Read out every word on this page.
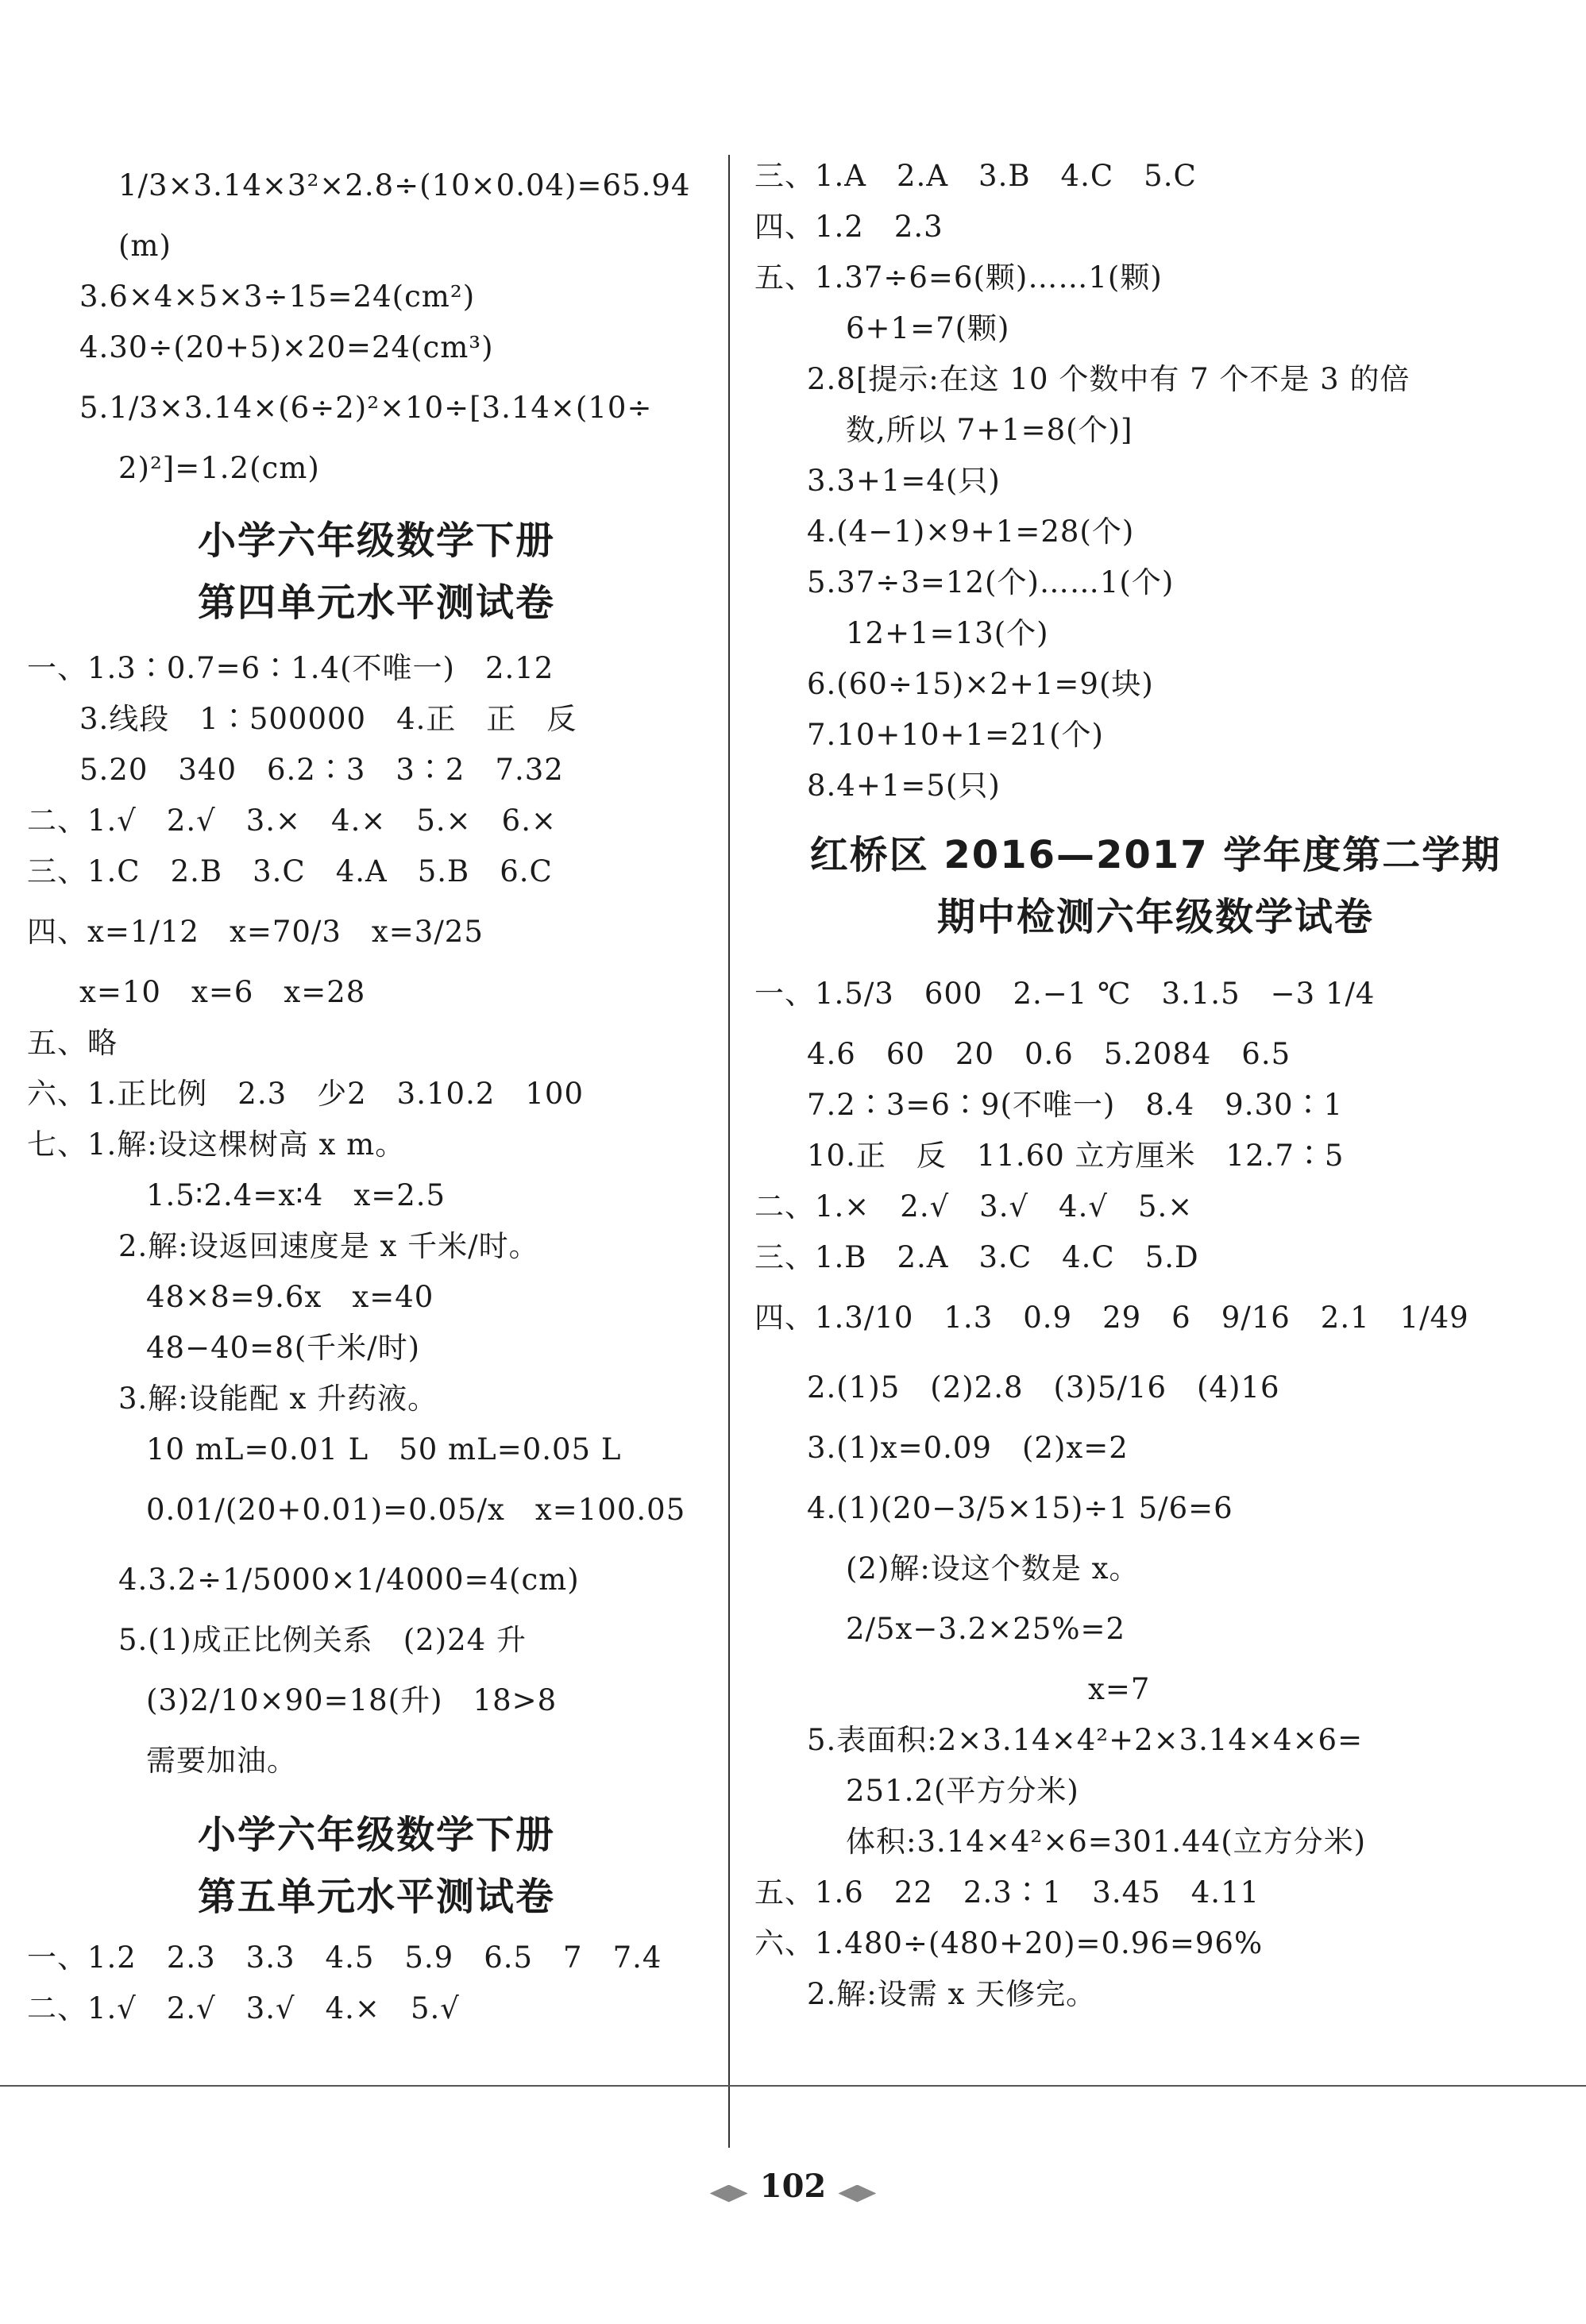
1/3×3.14×3²×2.8÷(10×0.04)=65.94
(m)
3.6×4×5×3÷15=24(cm²)
4.30÷(20+5)×20=24(cm³)
5.1/3×3.14×(6÷2)²×10÷[3.14×(10÷
2)²]=1.2(cm)
小学六年级数学下册
第四单元水平测试卷
一、1.3∶0.7=6∶1.4(不唯一)　2.12
3.线段　1∶500000　4.正　正　反
5.20　340　6.2∶3　3∶2　7.32
二、1.√　2.√　3.×　4.×　5.×　6.×
三、1.C　2.B　3.C　4.A　5.B　6.C
四、x=1/12　x=70/3　x=3/25
x=10　x=6　x=28
五、略
六、1.正比例　2.3　少2　3.10.2　100
七、1.解:设这棵树高 x m。
1.5∶2.4=x∶4　x=2.5
2.解:设返回速度是 x 千米/时。
48×8=9.6x　x=40
48−40=8(千米/时)
3.解:设能配 x 升药液。
10 mL=0.01 L　50 mL=0.05 L
0.01/(20+0.01)=0.05/x　x=100.05
4.3.2÷1/5000×1/4000=4(cm)
5.(1)成正比例关系　(2)24 升
(3)2/10×90=18(升)　18>8
需要加油。
小学六年级数学下册
第五单元水平测试卷
一、1.2　2.3　3.3　4.5　5.9　6.5　7　7.4
二、1.√　2.√　3.√　4.×　5.√
三、1.A　2.A　3.B　4.C　5.C
四、1.2　2.3
五、1.37÷6=6(颗)……1(颗)
6+1=7(颗)
2.8[提示:在这 10 个数中有 7 个不是 3 的倍
数,所以 7+1=8(个)]
3.3+1=4(只)
4.(4−1)×9+1=28(个)
5.37÷3=12(个)……1(个)
12+1=13(个)
6.(60÷15)×2+1=9(块)
7.10+10+1=21(个)
8.4+1=5(只)
红桥区 2016—2017 学年度第二学期
期中检测六年级数学试卷
一、1.5/3　600　2.−1 ℃　3.1.5　−3 1/4
4.6　60　20　0.6　5.2084　6.5
7.2∶3=6∶9(不唯一)　8.4　9.30∶1
10.正　反　11.60 立方厘米　12.7∶5
二、1.×　2.√　3.√　4.√　5.×
三、1.B　2.A　3.C　4.C　5.D
四、1.3/10　1.3　0.9　29　6　9/16　2.1　1/49
2.(1)5　(2)2.8　(3)5/16　(4)16
3.(1)x=0.09　(2)x=2
4.(1)(20−3/5×15)÷1 5/6=6
(2)解:设这个数是 x。
2/5x−3.2×25%=2
x=7
5.表面积:2×3.14×4²+2×3.14×4×6=
251.2(平方分米)
体积:3.14×4²×6=301.44(立方分米)
五、1.6　22　2.3∶1　3.45　4.11
六、1.480÷(480+20)=0.96=96%
2.解:设需 x 天修完。
102
